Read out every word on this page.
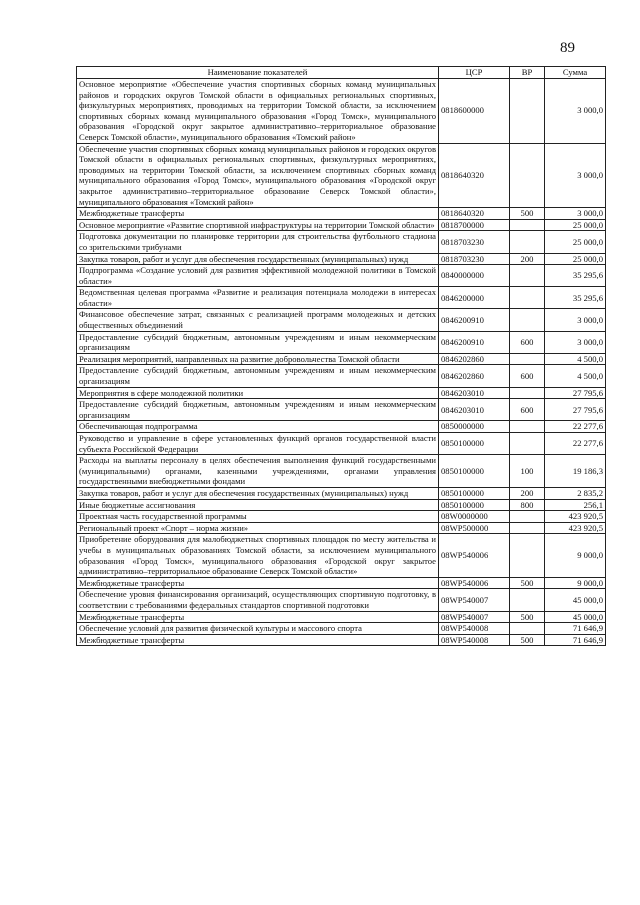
89
Наименование показателей	ЦСР	ВР	Сумма
Основное мероприятие «Обеспечение участия спортивных сборных команд муниципальных районов и городских округов Томской области в официальных региональных спортивных, физкультурных мероприятиях, проводимых на территории Томской области, за исключением спортивных сборных команд муниципального образования «Город Томск», муниципального образования «Городской округ закрытое административно–территориальное образование Северск Томской области», муниципального образования «Томский район»	0818600000		3 000,0
Обеспечение участия спортивных сборных команд муниципальных районов и городских округов Томской области в официальных региональных спортивных, физкультурных мероприятиях, проводимых на территории Томской области, за исключением спортивных сборных команд муниципального образования «Город Томск», муниципального образования «Городской округ закрытое административно–территориальное образование Северск Томской области», муниципального образования «Томский район»	0818640320		3 000,0
Межбюджетные трансферты	0818640320	500	3 000,0
Основное мероприятие «Развитие спортивной инфраструктуры на территории Томской области»	0818700000		25 000,0
Подготовка документации по планировке территории для строительства футбольного стадиона со зрительскими трибунами	0818703230		25 000,0
Закупка товаров, работ и услуг для обеспечения государственных (муниципальных) нужд	0818703230	200	25 000,0
Подпрограмма «Создание условий для развития эффективной молодежной политики в Томской области»	0840000000		35 295,6
Ведомственная целевая программа «Развитие и реализация потенциала молодежи в интересах области»	0846200000		35 295,6
Финансовое обеспечение затрат, связанных с реализацией программ молодежных и детских общественных объединений	0846200910		3 000,0
Предоставление субсидий бюджетным, автономным учреждениям и иным некоммерческим организациям	0846200910	600	3 000,0
Реализация мероприятий, направленных на развитие добровольчества Томской области	0846202860		4 500,0
Предоставление субсидий бюджетным, автономным учреждениям и иным некоммерческим организациям	0846202860	600	4 500,0
Мероприятия в сфере молодежной политики	0846203010		27 795,6
Предоставление субсидий бюджетным, автономным учреждениям и иным некоммерческим организациям	0846203010	600	27 795,6
Обеспечивающая подпрограмма	0850000000		22 277,6
Руководство и управление в сфере установленных функций органов государственной власти субъекта Российской Федерации	0850100000		22 277,6
Расходы на выплаты персоналу в целях обеспечения выполнения функций государственными (муниципальными) органами, казенными учреждениями, органами управления государственными внебюджетными фондами	0850100000	100	19 186,3
Закупка товаров, работ и услуг для обеспечения государственных (муниципальных) нужд	0850100000	200	2 835,2
Иные бюджетные ассигнования	0850100000	800	256,1
Проектная часть государственной программы	08W0000000		423 920,5
Региональный проект «Спорт – норма жизни»	08WP500000		423 920,5
Приобретение оборудования для малобюджетных спортивных площадок по месту жительства и учебы в муниципальных образованиях Томской области, за исключением муниципального образования «Город Томск», муниципального образования «Городской округ закрытое административно–территориальное образование Северск Томской области»	08WP540006		9 000,0
Межбюджетные трансферты	08WP540006	500	9 000,0
Обеспечение уровня финансирования организаций, осуществляющих спортивную подготовку, в соответствии с требованиями федеральных стандартов спортивной подготовки	08WP540007		45 000,0
Межбюджетные трансферты	08WP540007	500	45 000,0
Обеспечение условий для развития физической культуры и массового спорта	08WP540008		71 646,9
Межбюджетные трансферты	08WP540008	500	71 646,9
